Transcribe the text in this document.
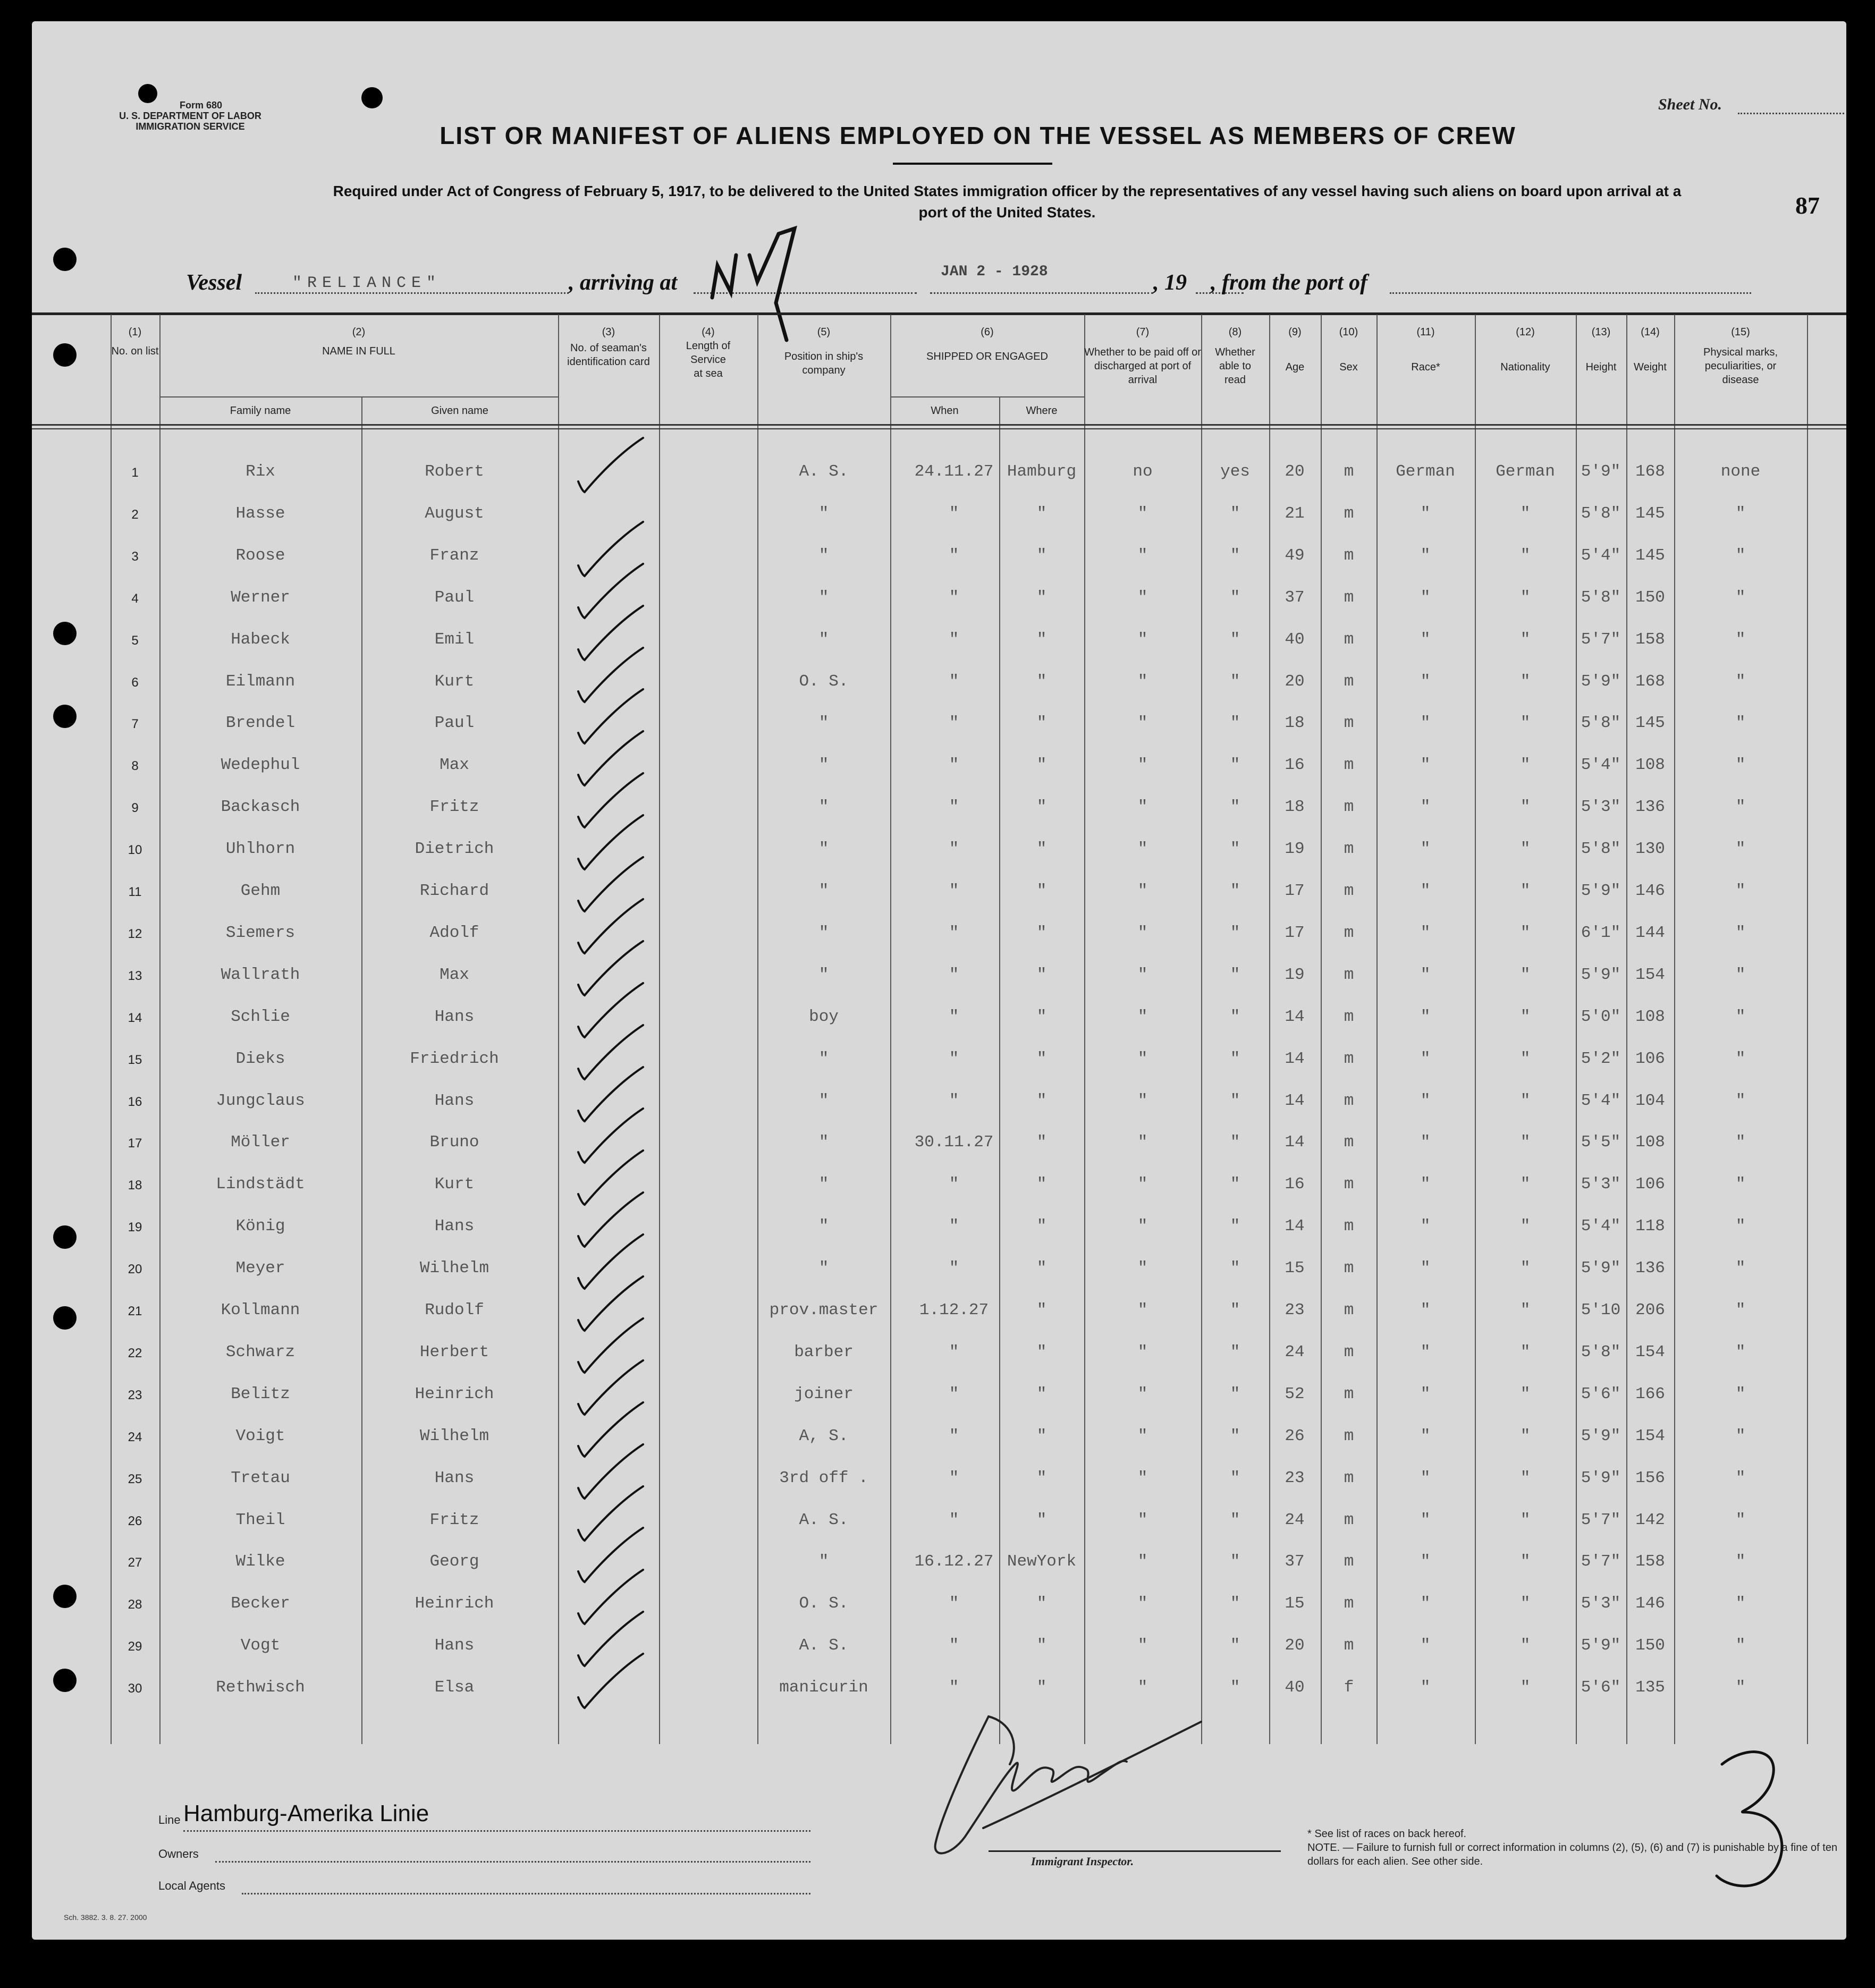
Form 680
U. S. DEPARTMENT OF LABOR
IMMIGRATION SERVICE
Sheet No.
LIST OR MANIFEST OF ALIENS EMPLOYED ON THE VESSEL AS MEMBERS OF CREW
Required under Act of Congress of February 5, 1917, to be delivered to the United States immigration officer by the representatives of any vessel having such aliens on board upon arrival at a
port of the United States.	87
Vessel	"RELIANCE"	, arriving at	JAN 2 - 1928	, 19 , from the port of
(1)
No. on list
(2)
NAME IN FULL
Family name	Given name
(3)
No. of seaman's identification card
(4)
Length of Service at sea
(5)
Position in ship's company
(6)
SHIPPED OR ENGAGED
When	Where
(7)
Whether to be paid off or discharged at port of arrival
(8)
Whether able to read
(9)
Age
(10)
Sex
(11)
Race*
(12)
Nationality
(13)
Height
(14)
Weight
(15)
Physical marks, peculiarities, or disease
1	Rix	Robert	A. S.	24.11.27 Hamburg	no	yes 20 m	German German 5'9" 168	none
2	Hasse	August	"	"	"	"	"	21 m	"	"	5'8" 145	"
3	Roose	Franz	"	"	"	"	"	49 m	"	"	5'4" 145	"
4	Werner	Paul	"	"	"	"	"	37 m	"	"	5'8" 150	"
5	Habeck	Emil	"	"	"	"	"	40 m	"	"	5'7" 158	"
6	Eilmann	Kurt	O. S.	"	"	"	"	20 m	"	"	5'9" 168	"
7	Brendel	Paul	"	"	"	"	"	18 m	"	"	5'8" 145	"
8	Wedephul	Max	"	"	"	"	"	16 m	"	"	5'4" 108	"
9	Backasch	Fritz	"	"	"	"	"	18 m	"	"	5'3" 136	"
10	Uhlhorn	Dietrich	"	"	"	"	"	19 m	"	"	5'8" 130	"
11	Gehm	Richard	"	"	"	"	"	17 m	"	"	5'9" 146	"
12	Siemers	Adolf	"	"	"	"	"	17 m	"	"	6'1" 144	"
13	Wallrath	Max	"	"	"	"	"	19 m	"	"	5'9" 154	"
14	Schlie	Hans	boy	"	"	"	"	14 m	"	"	5'0" 108	"
15	Dieks	Friedrich	"	"	"	"	"	14 m	"	"	5'2" 106	"
16	Jungclaus	Hans	"	"	"	"	"	14 m	"	"	5'4" 104	"
17	Möller	Bruno	"	30.11.27	"	"	"	14 m	"	"	5'5" 108	"
18	Lindstädt	Kurt	"	"	"	"	"	16 m	"	"	5'3" 106	"
19	König	Hans	"	"	"	"	"	14 m	"	"	5'4" 118	"
20	Meyer	Wilhelm	"	"	"	"	"	15 m	"	"	5'9" 136	"
21	Kollmann	Rudolf	prov.master	1.12.27	"	"	"	23 m	"	"	5'10 206	"
22	Schwarz	Herbert	barber	"	"	"	"	24 m	"	"	5'8" 154	"
23	Belitz	Heinrich	joiner	"	"	"	"	52 m	"	"	5'6" 166	"
24	Voigt	Wilhelm	A, S.	"	"	"	"	26 m	"	"	5'9" 154	"
25	Tretau	Hans	3rd off .	"	"	"	"	23 m	"	"	5'9" 156	"
26	Theil	Fritz	A. S.	"	"	"	"	24 m	"	"	5'7" 142	"
27	Wilke	Georg	"	16.12.27 NewYork	"	"	37 m	"	"	5'7" 158	"
28	Becker	Heinrich	O. S.	"	"	"	"	15 m	"	"	5'3" 146	"
29	Vogt	Hans	A. S.	"	"	"	"	20 m	"	"	5'9" 150	"
30	Rethwisch	Elsa	manicurin	"	"	"	"	40 f	"	"	5'6" 135	"
Line Hamburg-Amerika Linie
Owners
Local Agents
Immigrant Inspector.
* See list of races on back hereof.
NOTE. — Failure to furnish full or correct information in columns (2), (5), (6) and (7) is punishable by a fine of ten dollars for each alien. See other side.
Sch. 3882. 3. 8. 27. 2000
